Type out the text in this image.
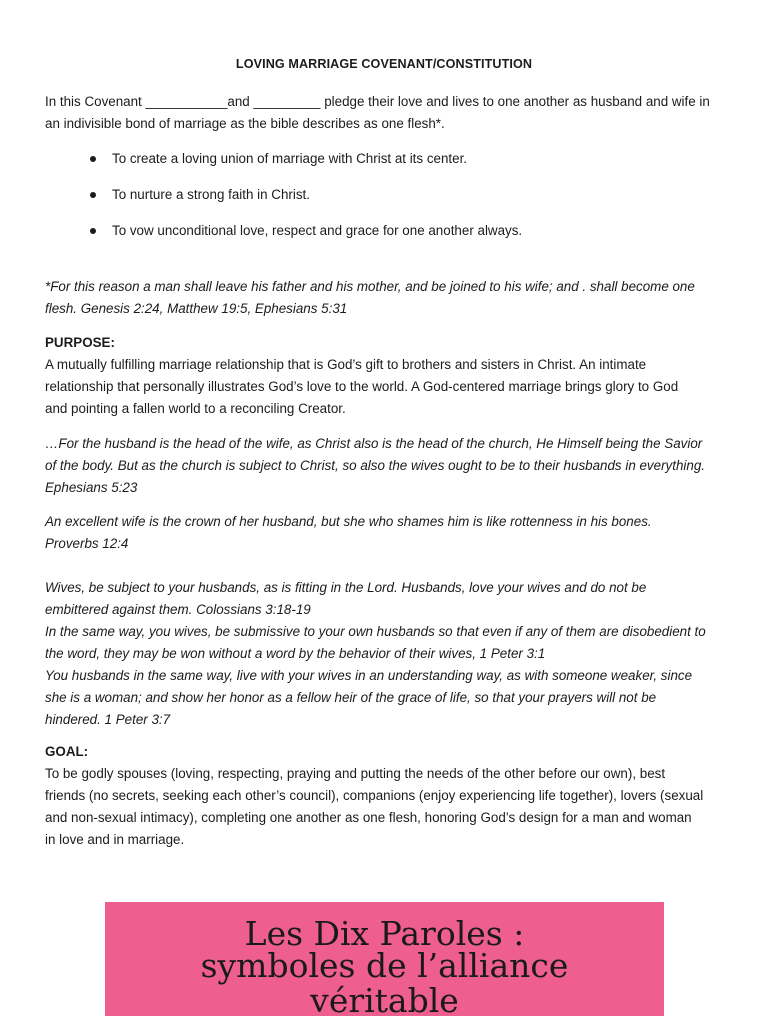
LOVING MARRIAGE COVENANT/CONSTITUTION
In this Covenant ___________and _________ pledge their love and lives to one another as husband and wife in
an indivisible bond of marriage as the bible describes as one flesh*.
To create a loving union of marriage with Christ at its center.
To nurture a strong faith in Christ.
To vow unconditional love, respect and grace for one another always.
*For this reason a man shall leave his father and his mother, and be joined to his wife; and . shall become one
flesh. Genesis 2:24, Matthew 19:5, Ephesians 5:31
PURPOSE:
A mutually fulfilling marriage relationship that is God’s gift to brothers and sisters in Christ. An intimate
relationship that personally illustrates God’s love to the world. A God-centered marriage brings glory to God
and pointing a fallen world to a reconciling Creator.
…For the husband is the head of the wife, as Christ also is the head of the church, He Himself being the Savior
of the body. But as the church is subject to Christ, so also the wives ought to be to their husbands in everything.
Ephesians 5:23
An excellent wife is the crown of her husband, but she who shames him is like rottenness in his bones.
Proverbs 12:4
Wives, be subject to your husbands, as is fitting in the Lord. Husbands, love your wives and do not be
embittered against them. Colossians 3:18-19
In the same way, you wives, be submissive to your own husbands so that even if any of them are disobedient to
the word, they may be won without a word by the behavior of their wives, 1 Peter 3:1
You husbands in the same way, live with your wives in an understanding way, as with someone weaker, since
she is a woman; and show her honor as a fellow heir of the grace of life, so that your prayers will not be
hindered. 1 Peter 3:7
GOAL:
To be godly spouses (loving, respecting, praying and putting the needs of the other before our own), best
friends (no secrets, seeking each other’s council), companions (enjoy experiencing life together), lovers (sexual
and non-sexual intimacy), completing one another as one flesh, honoring God’s design for a man and woman
in love and in marriage.
Les Dix Paroles :
symboles de l’alliance
véritable
